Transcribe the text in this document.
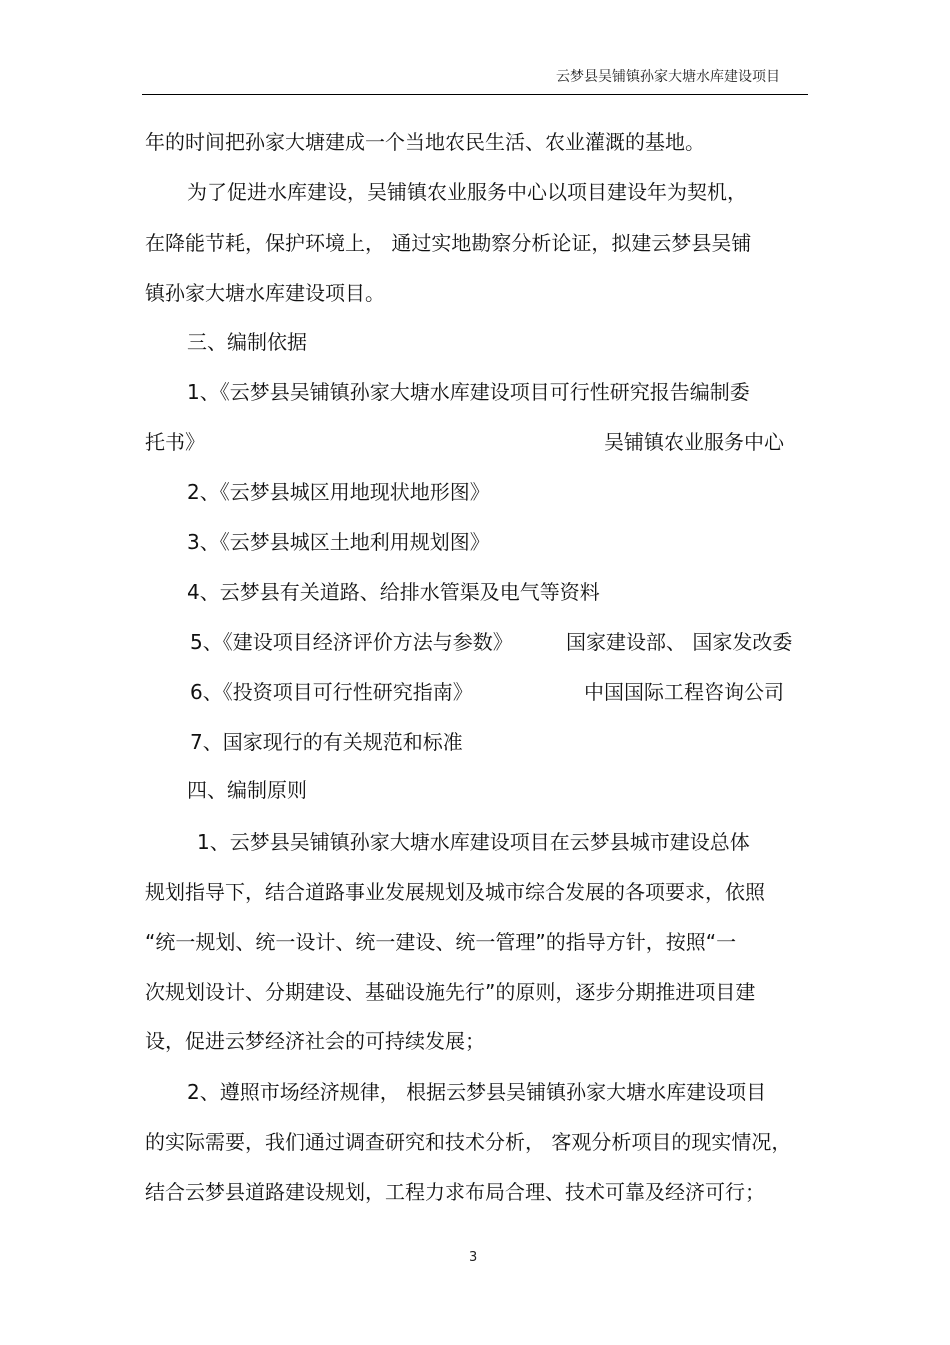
云梦县吴铺镇孙家大塘水库建设项目
年的时间把孙家大塘建成一个当地农民生活、农业灌溉的基地。
为了促进水库建设，吴铺镇农业服务中心以项目建设年为契机，
在降能节耗，保护环境上， 通过实地勘察分析论证，拟建云梦县吴铺
镇孙家大塘水库建设项目。
三、编制依据
1、《云梦县吴铺镇孙家大塘水库建设项目可行性研究报告编制委
托书》	吴铺镇农业服务中心
2、《云梦县城区用地现状地形图》
3、《云梦县城区土地利用规划图》
4、云梦县有关道路、给排水管渠及电气等资料
5、《建设项目经济评价方法与参数》	国家建设部、 国家发改委
6、《投资项目可行性研究指南》	中国国际工程咨询公司
7、国家现行的有关规范和标准
四、编制原则
1、云梦县吴铺镇孙家大塘水库建设项目在云梦县城市建设总体
规划指导下，结合道路事业发展规划及城市综合发展的各项要求，依照
“统一规划、统一设计、统一建设、统一管理”的指导方针，按照“一
次规划设计、分期建设、基础设施先行”的原则，逐步分期推进项目建
设，促进云梦经济社会的可持续发展；
2、遵照市场经济规律， 根据云梦县吴铺镇孙家大塘水库建设项目
的实际需要，我们通过调查研究和技术分析， 客观分析项目的现实情况，
结合云梦县道路建设规划，工程力求布局合理、技术可靠及经济可行；
3
